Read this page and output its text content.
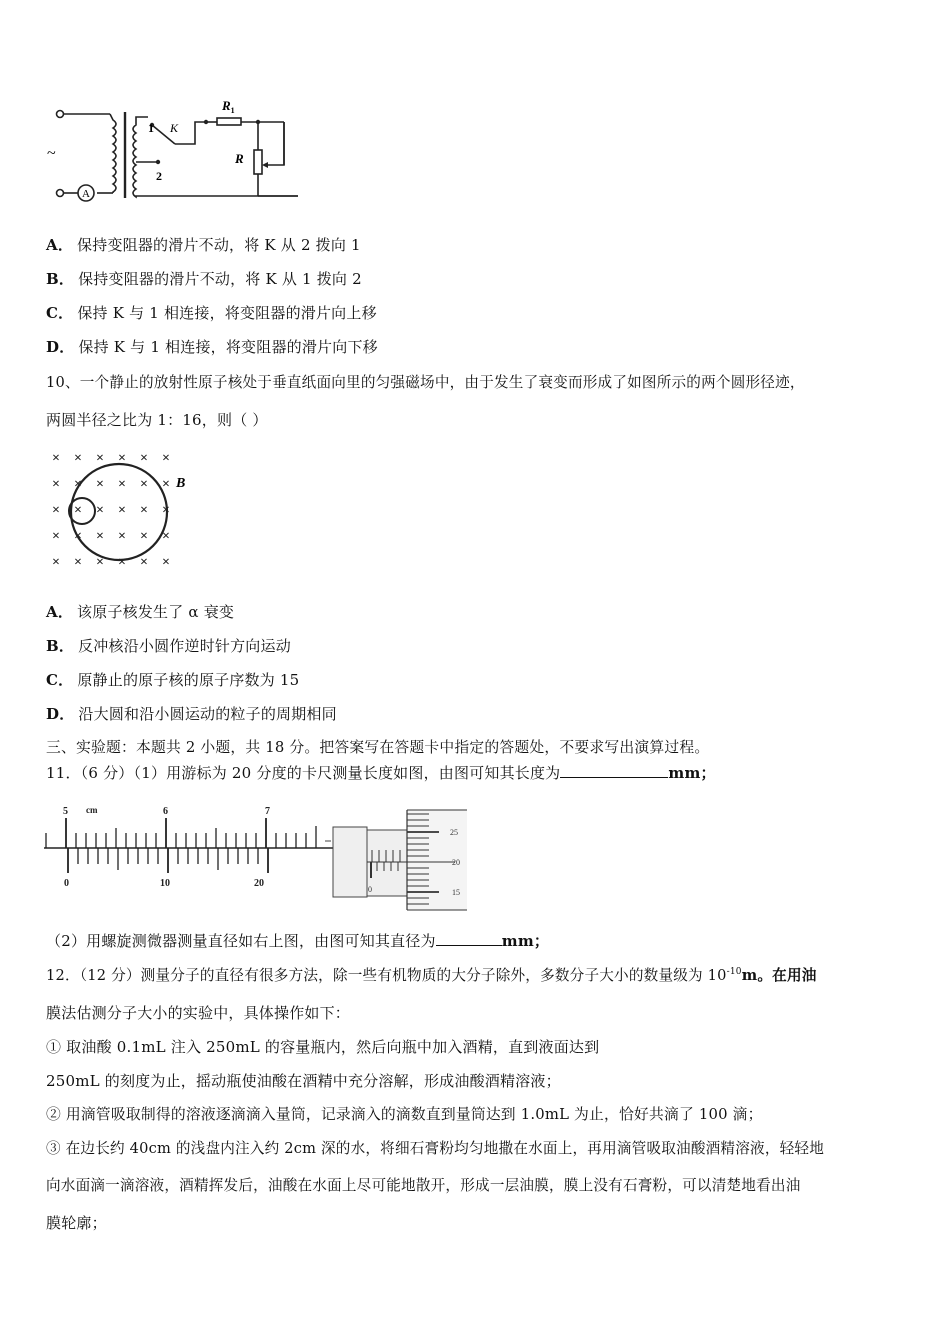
~
A
K
1
2
$R_1$
R
A． 保持变阻器的滑片不动，将 K 从 2 拨向 1
B． 保持变阻器的滑片不动，将 K 从 1 拨向 2
C． 保持 K 与 1 相连接，将变阻器的滑片向上移
D． 保持 K 与 1 相连接，将变阻器的滑片向下移
10、一个静止的放射性原子核处于垂直纸面向里的匀强磁场中，由于发生了衰变而形成了如图所示的两个圆形径迹，
两圆半径之比为 1：16，则（ ）
× × × × × ×
× × × × × ×
× × × × × ×
× × × × × ×
× × × × × ×
B
A． 该原子核发生了 α 衰变
B． 反冲核沿小圆作逆时针方向运动
C． 原静止的原子核的原子序数为 15
D． 沿大圆和沿小圆运动的粒子的周期相同
三、实验题：本题共 2 小题，共 18 分。把答案写在答题卡中指定的答题处，不要求写出演算过程。
11．（6 分）（1）用游标为 20 分度的卡尺测量长度如图，由图可知其长度为	mm；
5 cm	6	7
0	10	20
0
25
20
15
（2）用螺旋测微器测量直径如右上图，由图可知其直径为	mm；
12．（12 分）测量分子的直径有很多方法，除一些有机物质的大分子除外，多数分子大小的数量级为 $10^{-10}m$。在用油
膜法估测分子大小的实验中，具体操作如下：
① 取油酸 0.1mL 注入 250mL 的容量瓶内，然后向瓶中加入酒精，直到液面达到
250mL 的刻度为止，摇动瓶使油酸在酒精中充分溶解，形成油酸酒精溶液；
② 用滴管吸取制得的溶液逐滴滴入量筒，记录滴入的滴数直到量筒达到 1.0mL 为止，恰好共滴了 100 滴；
③ 在边长约 40cm 的浅盘内注入约 2cm 深的水，将细石膏粉均匀地撒在水面上，再用滴管吸取油酸酒精溶液，轻轻地
向水面滴一滴溶液，酒精挥发后，油酸在水面上尽可能地散开，形成一层油膜，膜上没有石膏粉，可以清楚地看出油
膜轮廓；
